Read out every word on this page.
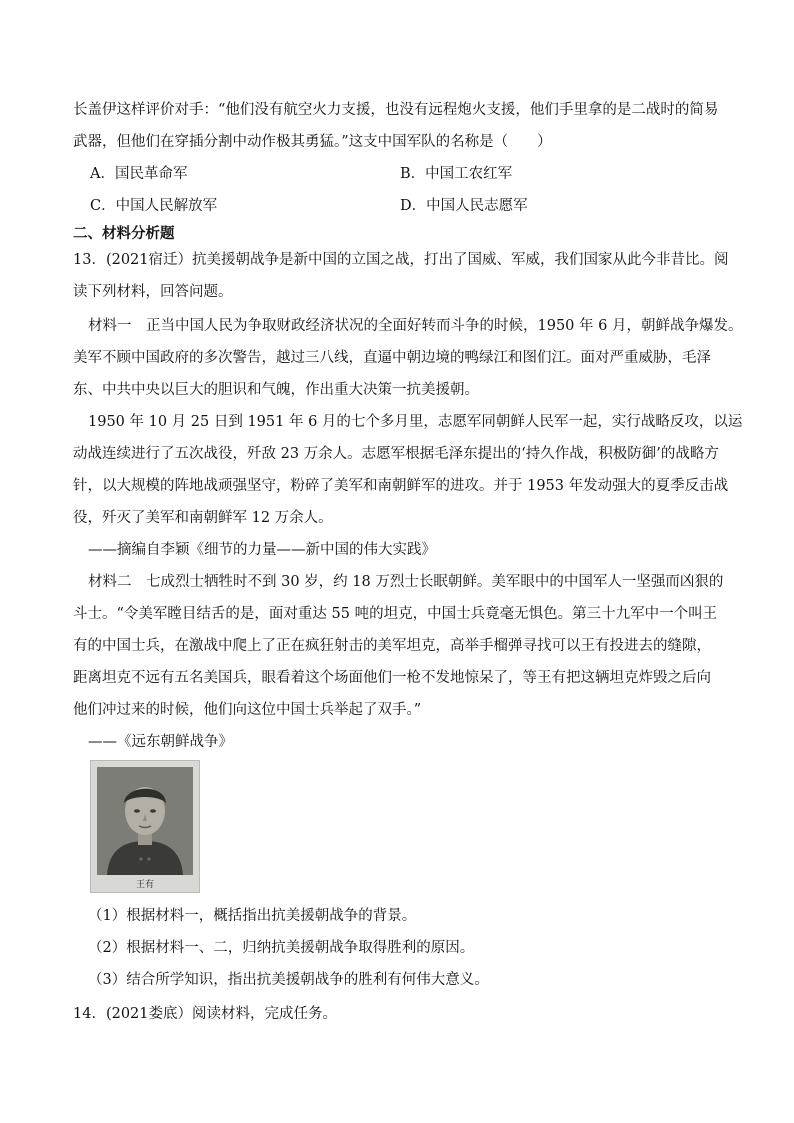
长盖伊这样评价对手：“他们没有航空火力支援，也没有远程炮火支援，他们手里拿的是二战时的简易
武器，但他们在穿插分割中动作极其勇猛。”这支中国军队的名称是（　　）
A．国民革命军	B．中国工农红军
C．中国人民解放军	D．中国人民志愿军
二、材料分析题
13．(2021宿迁）抗美援朝战争是新中国的立国之战，打出了国威、军威，我们国家从此今非昔比。阅
读下列材料，回答问题。
材料一　正当中国人民为争取财政经济状况的全面好转而斗争的时候，1950 年 6 月，朝鲜战争爆发。
美军不顾中国政府的多次警告，越过三八线，直逼中朝边境的鸭绿江和图们江。面对严重威胁，毛泽
东、中共中央以巨大的胆识和气魄，作出重大决策一抗美援朝。
1950 年 10 月 25 日到 1951 年 6 月的七个多月里，志愿军同朝鲜人民军一起，实行战略反攻，以运
动战连续进行了五次战役，歼敌 23 万余人。志愿军根据毛泽东提出的‘持久作战，积极防御’的战略方
针，以大规模的阵地战顽强坚守，粉碎了美军和南朝鲜军的进攻。并于 1953 年发动强大的夏季反击战
役，歼灭了美军和南朝鲜军 12 万余人。
——摘编自李颖《细节的力量——新中国的伟大实践》
材料二　七成烈士牺牲时不到 30 岁，约 18 万烈士长眠朝鲜。美军眼中的中国军人一坚强而凶狠的
斗士。“令美军瞠目结舌的是，面对重达 55 吨的坦克，中国士兵竟毫无惧色。第三十九军中一个叫王
有的中国士兵，在激战中爬上了正在疯狂射击的美军坦克，高举手榴弹寻找可以王有投进去的缝隙，
距离坦克不远有五名美国兵，眼看着这个场面他们一枪不发地惊呆了，等王有把这辆坦克炸毁之后向
他们冲过来的时候，他们向这位中国士兵举起了双手。”
——《远东朝鲜战争》
王有
（1）根据材料一，概括指出抗美援朝战争的背景。
（2）根据材料一、二，归纳抗美援朝战争取得胜利的原因。
（3）结合所学知识，指出抗美援朝战争的胜利有何伟大意义。
14．(2021娄底）阅读材料，完成任务。
